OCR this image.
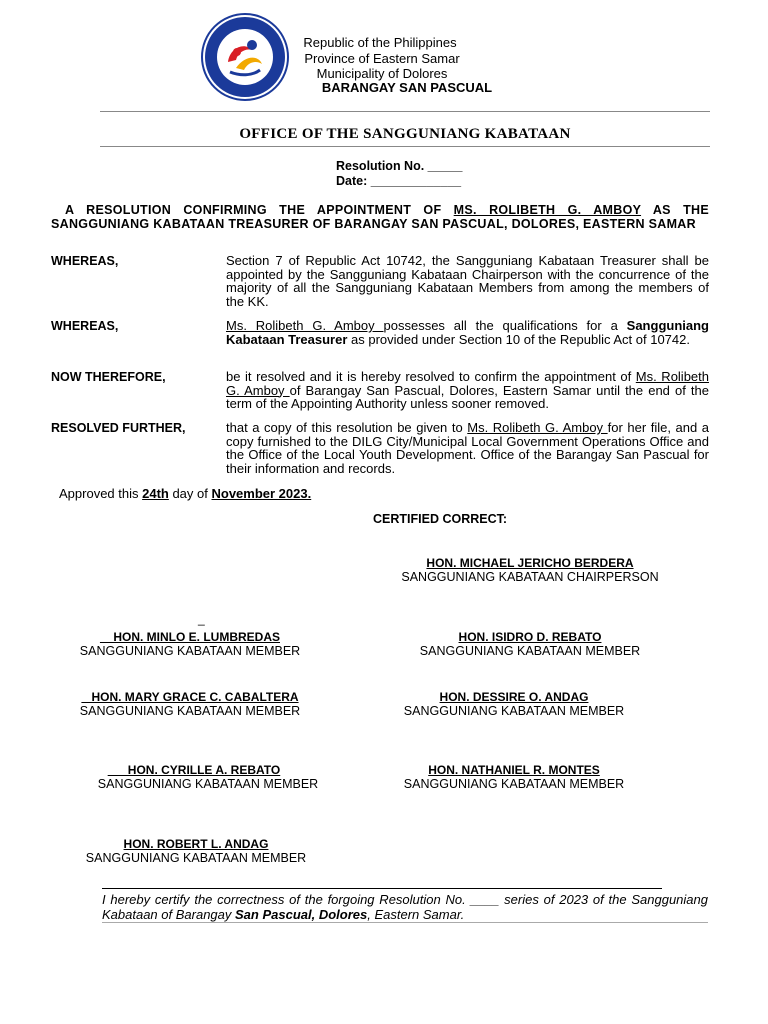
Republic of the Philippines
Province of Eastern Samar
Municipality of Dolores
BARANGAY SAN PASCUAL
OFFICE OF THE SANGGUNIANG KABATAAN
Resolution No. _____
Date: _____________
A RESOLUTION CONFIRMING THE APPOINTMENT OF MS. ROLIBETH G. AMBOY AS THE SANGGUNIANG KABATAAN TREASURER OF BARANGAY SAN PASCUAL, DOLORES, EASTERN SAMAR
WHEREAS,	Section 7 of Republic Act 10742, the Sangguniang Kabataan Treasurer shall be appointed by the Sangguniang Kabataan Chairperson with the concurrence of the majority of all the Sangguniang Kabataan Members from among the members of the KK.
WHEREAS,	Ms. Rolibeth G. Amboy possesses all the qualifications for a Sangguniang Kabataan Treasurer as provided under Section 10 of the Republic Act of 10742.
NOW THEREFORE,	be it resolved and it is hereby resolved to confirm the appointment of Ms. Rolibeth G. Amboy of Barangay San Pascual, Dolores, Eastern Samar until the end of the term of the Appointing Authority unless sooner removed.
RESOLVED FURTHER,	that a copy of this resolution be given to Ms. Rolibeth G. Amboy for her file, and a copy furnished to the DILG City/Municipal Local Government Operations Office and the Office of the Local Youth Development. Office of the Barangay San Pascual for their information and records.
Approved this 24th day of November 2023.
CERTIFIED CORRECT:
HON. MICHAEL JERICHO BERDERA
SANGGUNIANG KABATAAN CHAIRPERSON
_
__HON. MINLO E. LUMBREDAS
SANGGUNIANG KABATAAN MEMBER
HON. ISIDRO D. REBATO
SANGGUNIANG KABATAAN MEMBER
_ HON. MARY GRACE C. CABALTERA
SANGGUNIANG KABATAAN MEMBER
HON. DESSIRE O. ANDAG
SANGGUNIANG KABATAAN MEMBER
___HON. CYRILLE A. REBATO
SANGGUNIANG KABATAAN MEMBER
HON. NATHANIEL R. MONTES
SANGGUNIANG KABATAAN MEMBER
HON. ROBERT L. ANDAG
SANGGUNIANG KABATAAN MEMBER
I hereby certify the correctness of the forgoing Resolution No. ____ series of 2023 of the Sangguniang Kabataan of Barangay San Pascual, Dolores, Eastern Samar.
